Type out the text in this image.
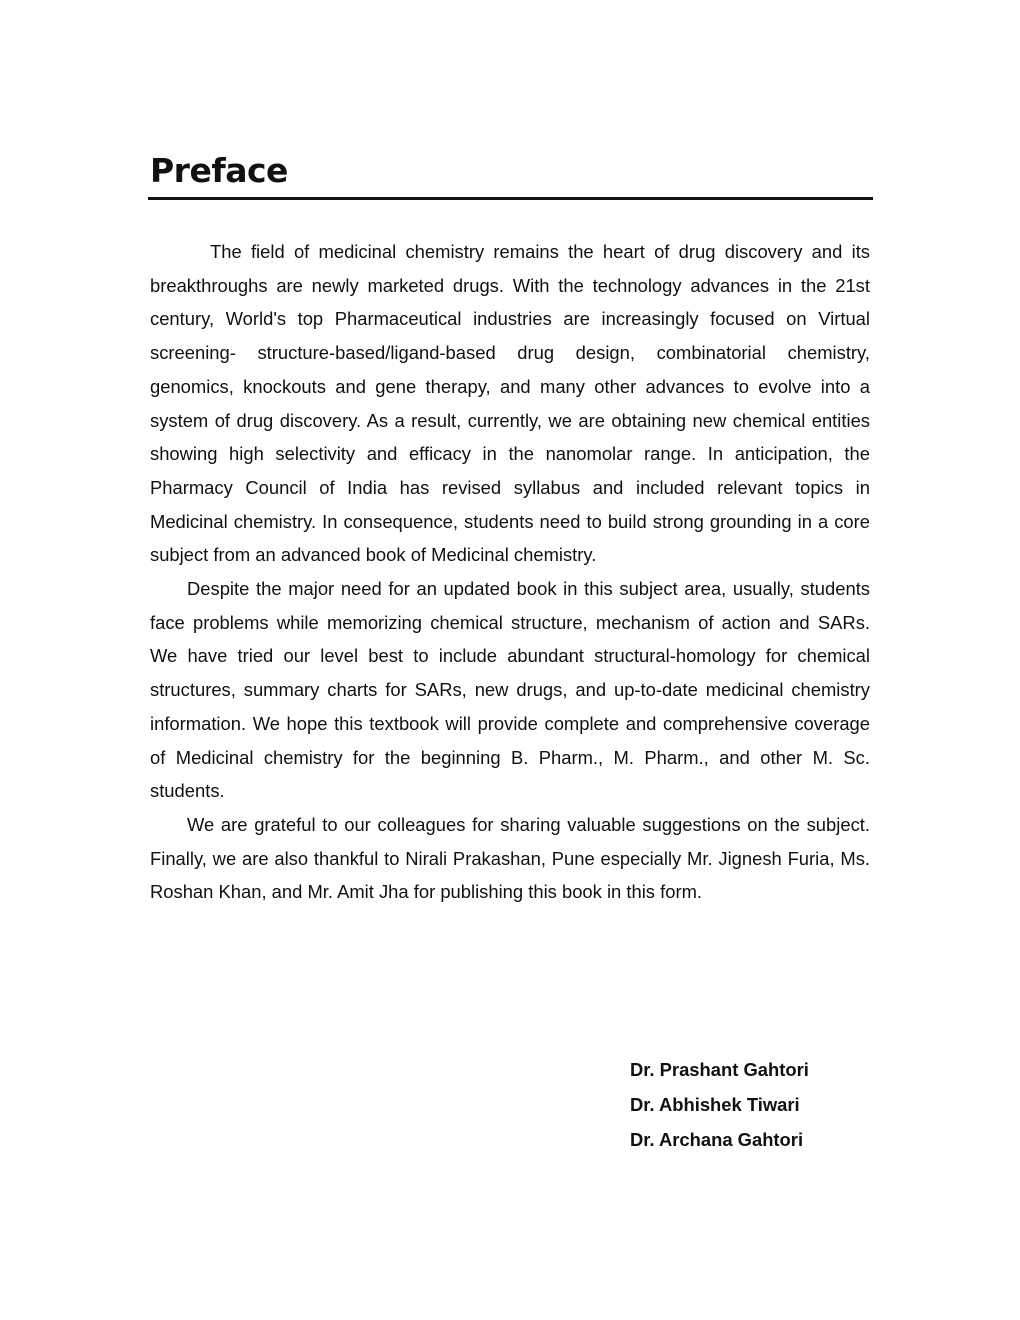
Preface

The field of medicinal chemistry remains the heart of drug discovery and its breakthroughs are newly marketed drugs. With the technology advances in the 21st century, World's top Pharmaceutical industries are increasingly focused on Virtual screening- structure-based/ligand-based drug design, combinatorial chemistry, genomics, knockouts and gene therapy, and many other advances to evolve into a system of drug discovery. As a result, currently, we are obtaining new chemical entities showing high selectivity and efficacy in the nanomolar range. In anticipation, the Pharmacy Council of India has revised syllabus and included relevant topics in Medicinal chemistry. In consequence, students need to build strong grounding in a core subject from an advanced book of Medicinal chemistry.

Despite the major need for an updated book in this subject area, usually, students face problems while memorizing chemical structure, mechanism of action and SARs. We have tried our level best to include abundant structural-homology for chemical structures, summary charts for SARs, new drugs, and up-to-date medicinal chemistry information. We hope this textbook will provide complete and comprehensive coverage of Medicinal chemistry for the beginning B. Pharm., M. Pharm., and other M. Sc. students.

We are grateful to our colleagues for sharing valuable suggestions on the subject. Finally, we are also thankful to Nirali Prakashan, Pune especially Mr. Jignesh Furia, Ms. Roshan Khan, and Mr. Amit Jha for publishing this book in this form.

Dr. Prashant Gahtori
Dr. Abhishek Tiwari
Dr. Archana Gahtori
